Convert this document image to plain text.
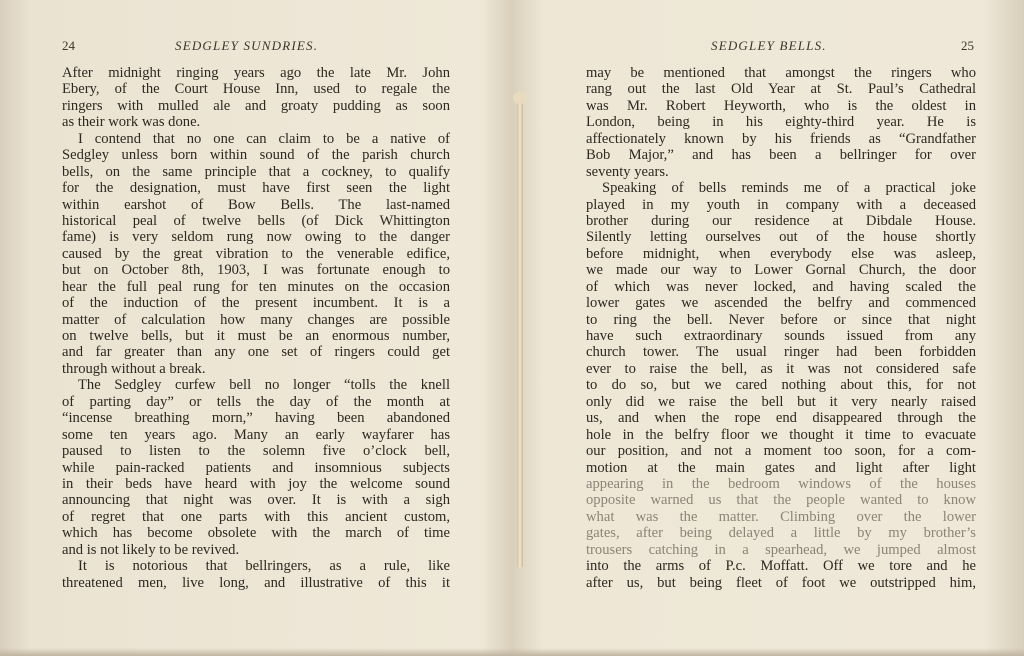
24	SEDGLEY SUNDRIES.
After midnight ringing years ago the late Mr. John
Ebery, of the Court House Inn, used to regale the
ringers with mulled ale and groaty pudding as soon
as their work was done.
I contend that no one can claim to be a native of
Sedgley unless born within sound of the parish church
bells, on the same principle that a cockney, to qualify
for the designation, must have first seen the light
within earshot of Bow Bells. The last-named
historical peal of twelve bells (of Dick Whittington
fame) is very seldom rung now owing to the danger
caused by the great vibration to the venerable edifice,
but on October 8th, 1903, I was fortunate enough to
hear the full peal rung for ten minutes on the occasion
of the induction of the present incumbent. It is a
matter of calculation how many changes are possible
on twelve bells, but it must be an enormous number,
and far greater than any one set of ringers could get
through without a break.
The Sedgley curfew bell no longer “tolls the knell
of parting day” or tells the day of the month at
“incense breathing morn,” having been abandoned
some ten years ago. Many an early wayfarer has
paused to listen to the solemn five o’clock bell,
while pain-racked patients and insomnious subjects
in their beds have heard with joy the welcome sound
announcing that night was over. It is with a sigh
of regret that one parts with this ancient custom,
which has become obsolete with the march of time
and is not likely to be revived.
It is notorious that bellringers, as a rule, like
threatened men, live long, and illustrative of this it
SEDGLEY BELLS.	25
may be mentioned that amongst the ringers who
rang out the last Old Year at St. Paul’s Cathedral
was Mr. Robert Heyworth, who is the oldest in
London, being in his eighty-third year. He is
affectionately known by his friends as “Grandfather
Bob Major,” and has been a bellringer for over
seventy years.
Speaking of bells reminds me of a practical joke
played in my youth in company with a deceased
brother during our residence at Dibdale House.
Silently letting ourselves out of the house shortly
before midnight, when everybody else was asleep,
we made our way to Lower Gornal Church, the door
of which was never locked, and having scaled the
lower gates we ascended the belfry and commenced
to ring the bell. Never before or since that night
have such extraordinary sounds issued from any
church tower. The usual ringer had been forbidden
ever to raise the bell, as it was not considered safe
to do so, but we cared nothing about this, for not
only did we raise the bell but it very nearly raised
us, and when the rope end disappeared through the
hole in the belfry floor we thought it time to evacuate
our position, and not a moment too soon, for a com-
motion at the main gates and light after light
appearing in the bedroom windows of the houses
opposite warned us that the people wanted to know
what was the matter. Climbing over the lower
gates, after being delayed a little by my brother’s
trousers catching in a spearhead, we jumped almost
into the arms of P.c. Moffatt. Off we tore and he
after us, but being fleet of foot we outstripped him,
